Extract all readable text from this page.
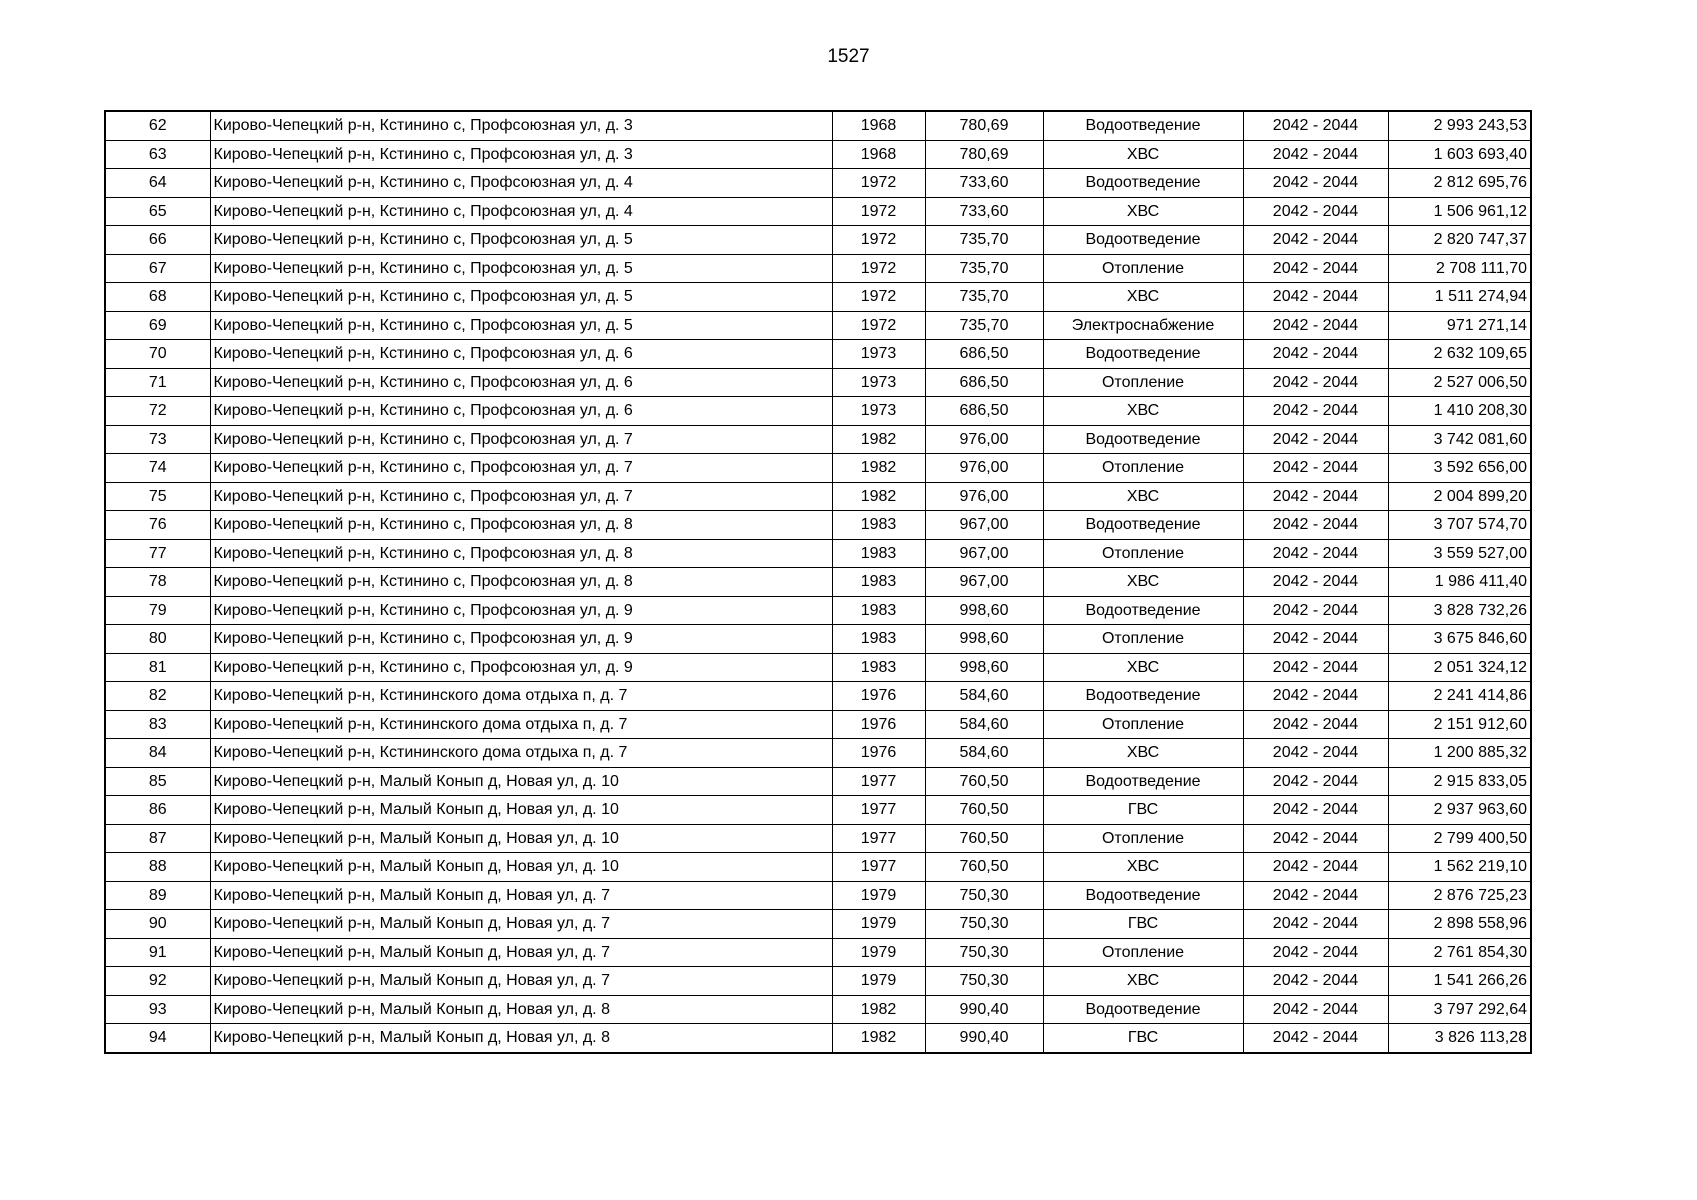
1527
62	Кирово-Чепецкий р-н, Кстинино с, Профсоюзная ул, д. 3	1968	780,69	Водоотведение	2042 - 2044	2 993 243,53
63	Кирово-Чепецкий р-н, Кстинино с, Профсоюзная ул, д. 3	1968	780,69	ХВС	2042 - 2044	1 603 693,40
64	Кирово-Чепецкий р-н, Кстинино с, Профсоюзная ул, д. 4	1972	733,60	Водоотведение	2042 - 2044	2 812 695,76
65	Кирово-Чепецкий р-н, Кстинино с, Профсоюзная ул, д. 4	1972	733,60	ХВС	2042 - 2044	1 506 961,12
66	Кирово-Чепецкий р-н, Кстинино с, Профсоюзная ул, д. 5	1972	735,70	Водоотведение	2042 - 2044	2 820 747,37
67	Кирово-Чепецкий р-н, Кстинино с, Профсоюзная ул, д. 5	1972	735,70	Отопление	2042 - 2044	2 708 111,70
68	Кирово-Чепецкий р-н, Кстинино с, Профсоюзная ул, д. 5	1972	735,70	ХВС	2042 - 2044	1 511 274,94
69	Кирово-Чепецкий р-н, Кстинино с, Профсоюзная ул, д. 5	1972	735,70	Электроснабжение	2042 - 2044	971 271,14
70	Кирово-Чепецкий р-н, Кстинино с, Профсоюзная ул, д. 6	1973	686,50	Водоотведение	2042 - 2044	2 632 109,65
71	Кирово-Чепецкий р-н, Кстинино с, Профсоюзная ул, д. 6	1973	686,50	Отопление	2042 - 2044	2 527 006,50
72	Кирово-Чепецкий р-н, Кстинино с, Профсоюзная ул, д. 6	1973	686,50	ХВС	2042 - 2044	1 410 208,30
73	Кирово-Чепецкий р-н, Кстинино с, Профсоюзная ул, д. 7	1982	976,00	Водоотведение	2042 - 2044	3 742 081,60
74	Кирово-Чепецкий р-н, Кстинино с, Профсоюзная ул, д. 7	1982	976,00	Отопление	2042 - 2044	3 592 656,00
75	Кирово-Чепецкий р-н, Кстинино с, Профсоюзная ул, д. 7	1982	976,00	ХВС	2042 - 2044	2 004 899,20
76	Кирово-Чепецкий р-н, Кстинино с, Профсоюзная ул, д. 8	1983	967,00	Водоотведение	2042 - 2044	3 707 574,70
77	Кирово-Чепецкий р-н, Кстинино с, Профсоюзная ул, д. 8	1983	967,00	Отопление	2042 - 2044	3 559 527,00
78	Кирово-Чепецкий р-н, Кстинино с, Профсоюзная ул, д. 8	1983	967,00	ХВС	2042 - 2044	1 986 411,40
79	Кирово-Чепецкий р-н, Кстинино с, Профсоюзная ул, д. 9	1983	998,60	Водоотведение	2042 - 2044	3 828 732,26
80	Кирово-Чепецкий р-н, Кстинино с, Профсоюзная ул, д. 9	1983	998,60	Отопление	2042 - 2044	3 675 846,60
81	Кирово-Чепецкий р-н, Кстинино с, Профсоюзная ул, д. 9	1983	998,60	ХВС	2042 - 2044	2 051 324,12
82	Кирово-Чепецкий р-н, Кстининского дома отдыха п, д. 7	1976	584,60	Водоотведение	2042 - 2044	2 241 414,86
83	Кирово-Чепецкий р-н, Кстининского дома отдыха п, д. 7	1976	584,60	Отопление	2042 - 2044	2 151 912,60
84	Кирово-Чепецкий р-н, Кстининского дома отдыха п, д. 7	1976	584,60	ХВС	2042 - 2044	1 200 885,32
85	Кирово-Чепецкий р-н, Малый Конып д, Новая ул, д. 10	1977	760,50	Водоотведение	2042 - 2044	2 915 833,05
86	Кирово-Чепецкий р-н, Малый Конып д, Новая ул, д. 10	1977	760,50	ГВС	2042 - 2044	2 937 963,60
87	Кирово-Чепецкий р-н, Малый Конып д, Новая ул, д. 10	1977	760,50	Отопление	2042 - 2044	2 799 400,50
88	Кирово-Чепецкий р-н, Малый Конып д, Новая ул, д. 10	1977	760,50	ХВС	2042 - 2044	1 562 219,10
89	Кирово-Чепецкий р-н, Малый Конып д, Новая ул, д. 7	1979	750,30	Водоотведение	2042 - 2044	2 876 725,23
90	Кирово-Чепецкий р-н, Малый Конып д, Новая ул, д. 7	1979	750,30	ГВС	2042 - 2044	2 898 558,96
91	Кирово-Чепецкий р-н, Малый Конып д, Новая ул, д. 7	1979	750,30	Отопление	2042 - 2044	2 761 854,30
92	Кирово-Чепецкий р-н, Малый Конып д, Новая ул, д. 7	1979	750,30	ХВС	2042 - 2044	1 541 266,26
93	Кирово-Чепецкий р-н, Малый Конып д, Новая ул, д. 8	1982	990,40	Водоотведение	2042 - 2044	3 797 292,64
94	Кирово-Чепецкий р-н, Малый Конып д, Новая ул, д. 8	1982	990,40	ГВС	2042 - 2044	3 826 113,28
